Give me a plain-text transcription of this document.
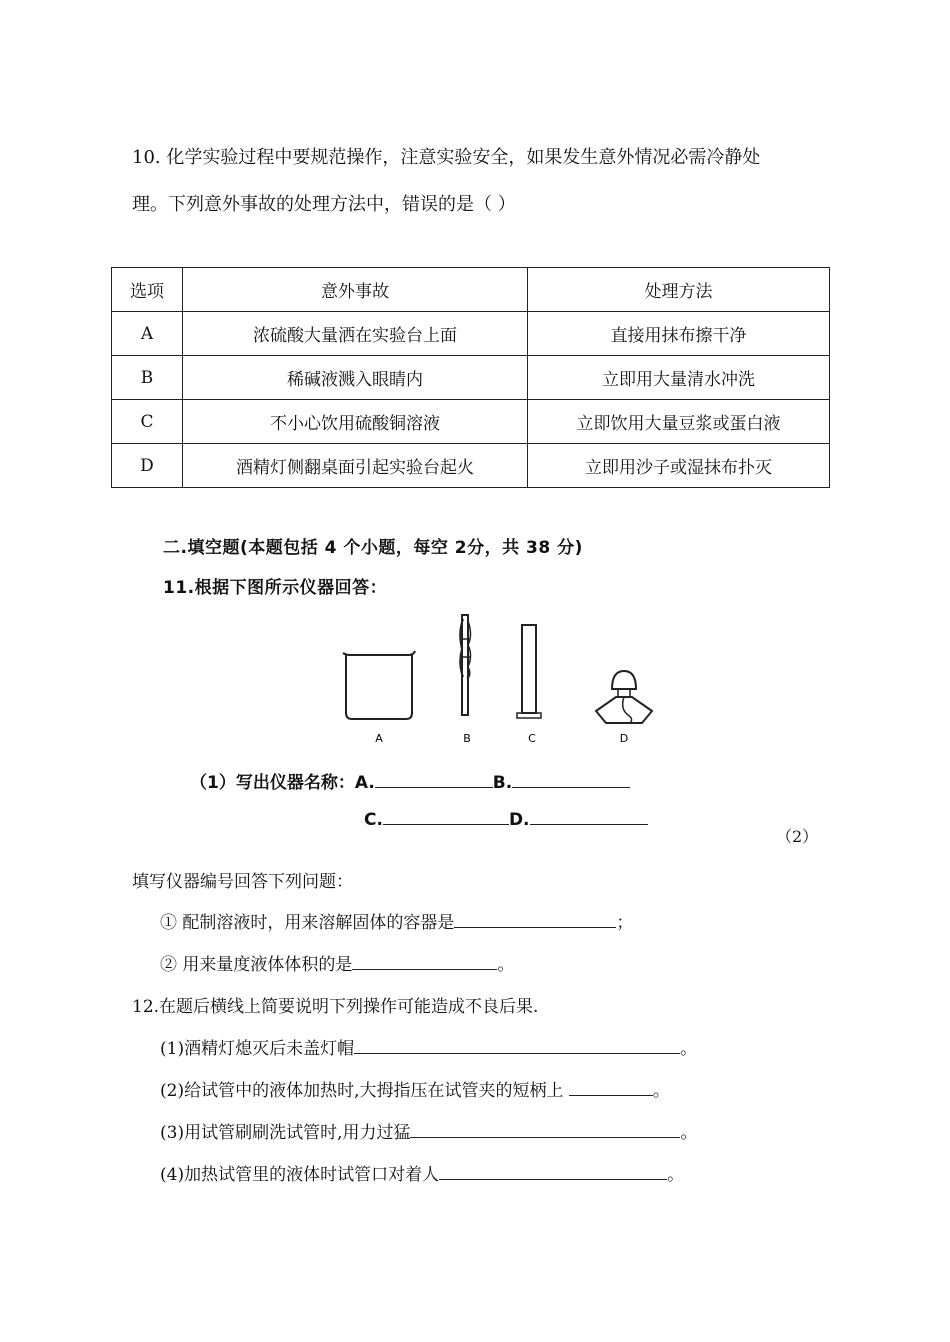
10. 化学实验过程中要规范操作，注意实验安全，如果发生意外情况必需冷静处
理。下列意外事故的处理方法中，错误的是（ ）
选项	意外事故	处理方法
A	浓硫酸大量洒在实验台上面	直接用抹布擦干净
B	稀碱液溅入眼睛内	立即用大量清水冲洗
C	不小心饮用硫酸铜溶液	立即饮用大量豆浆或蛋白液
D	酒精灯侧翻桌面引起实验台起火	立即用沙子或湿抹布扑灭
二.填空题(本题包括 4 个小题，每空 2分，共 38 分)
11.根据下图所示仪器回答：
A	B	C	D
（1）写出仪器名称：A.	B.
C.	D.
（2）
填写仪器编号回答下列问题：
① 配制溶液时，用来溶解固体的容器是	；
② 用来量度液体体积的是	。
12.在题后横线上简要说明下列操作可能造成不良后果.
(1)酒精灯熄灭后未盖灯帽	。
(2)给试管中的液体加热时,大拇指压在试管夹的短柄上	。
(3)用试管刷刷洗试管时,用力过猛	。
(4)加热试管里的液体时试管口对着人	。
